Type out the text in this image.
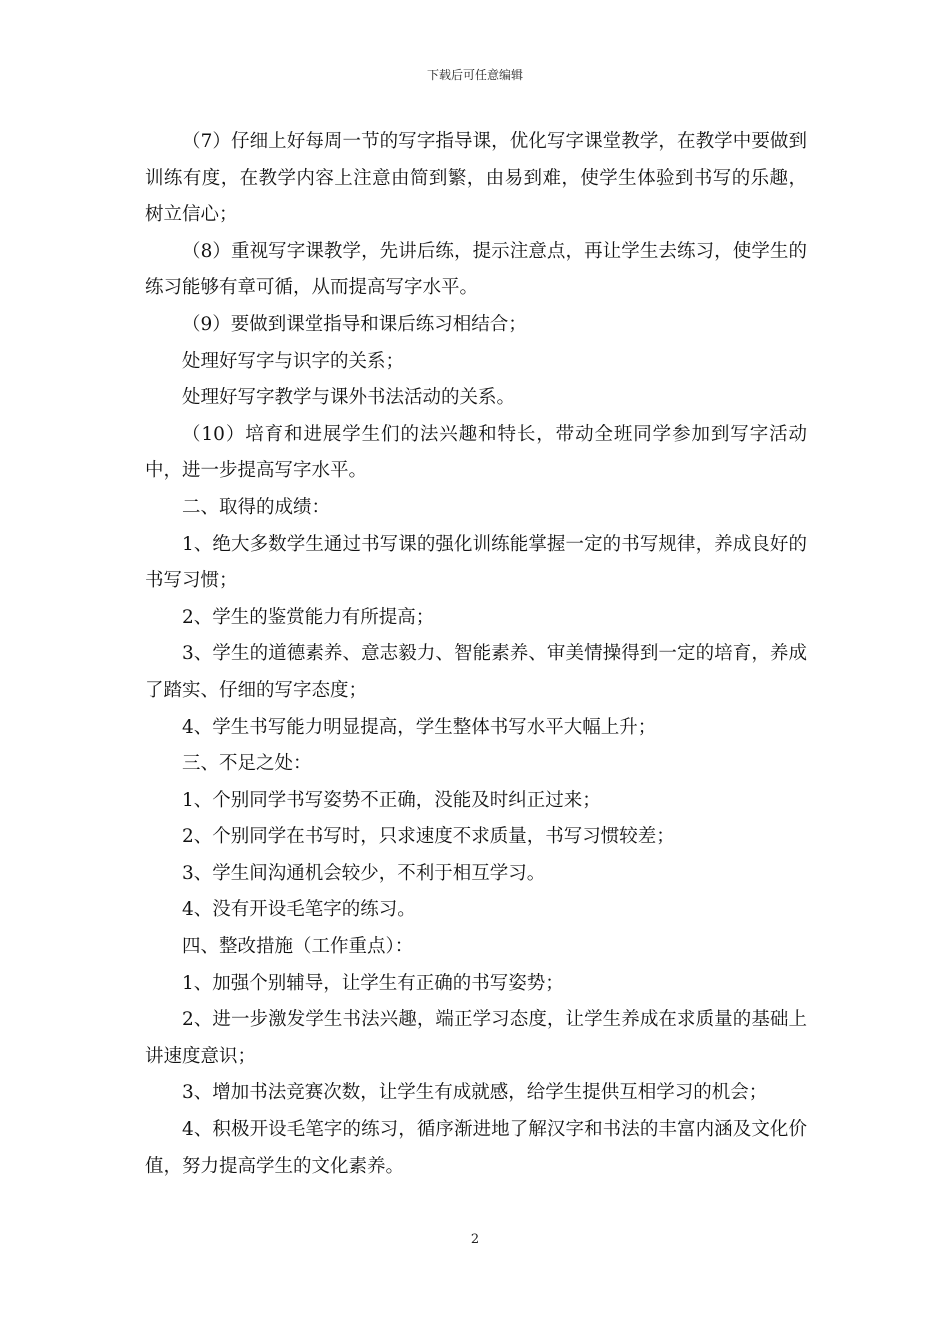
下载后可任意编辑

（7）仔细上好每周一节的写字指导课，优化写字课堂教学，在教学中要做到训练有度，在教学内容上注意由简到繁，由易到难，使学生体验到书写的乐趣，树立信心；

（8）重视写字课教学，先讲后练，提示注意点，再让学生去练习，使学生的练习能够有章可循，从而提高写字水平。

（9）要做到课堂指导和课后练习相结合；

处理好写字与识字的关系；

处理好写字教学与课外书法活动的关系。

（10）培育和进展学生们的法兴趣和特长，带动全班同学参加到写字活动中，进一步提高写字水平。

二、取得的成绩：

1、绝大多数学生通过书写课的强化训练能掌握一定的书写规律，养成良好的书写习惯；

2、学生的鉴赏能力有所提高；

3、学生的道德素养、意志毅力、智能素养、审美情操得到一定的培育，养成了踏实、仔细的写字态度；

4、学生书写能力明显提高，学生整体书写水平大幅上升；

三、不足之处：

1、个别同学书写姿势不正确，没能及时纠正过来；

2、个别同学在书写时，只求速度不求质量，书写习惯较差；

3、学生间沟通机会较少，不利于相互学习。

4、没有开设毛笔字的练习。

四、整改措施（工作重点）：

1、加强个别辅导，让学生有正确的书写姿势；

2、进一步激发学生书法兴趣，端正学习态度，让学生养成在求质量的基础上讲速度意识；

3、增加书法竞赛次数，让学生有成就感，给学生提供互相学习的机会；

4、积极开设毛笔字的练习，循序渐进地了解汉字和书法的丰富内涵及文化价值，努力提高学生的文化素养。

2
